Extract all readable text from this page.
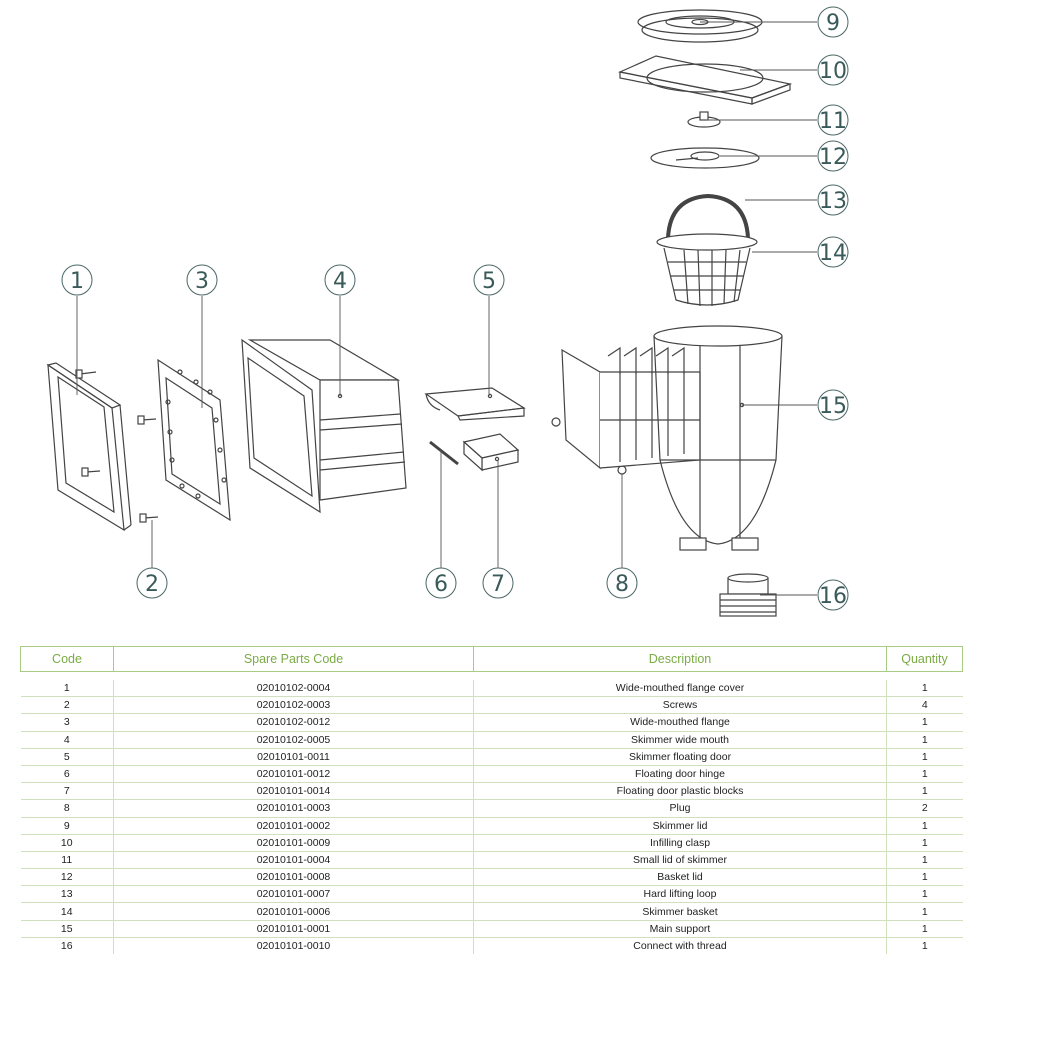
1
2
3	4	5
6 7	8
9
10
11
12
13
14
15
16
Code	Spare Parts Code	Description	Quantity

1	02010102-0004	Wide-mouthed flange cover	1
2	02010102-0003	Screws	4
3	02010102-0012	Wide-mouthed flange	1
4	02010102-0005	Skimmer wide mouth	1
5	02010101-0011	Skimmer floating door	1
6	02010101-0012	Floating door hinge	1
7	02010101-0014	Floating door plastic blocks	1
8	02010101-0003	Plug	2
9	02010101-0002	Skimmer lid	1
10	02010101-0009	Infilling clasp	1
11	02010101-0004	Small lid of skimmer	1
12	02010101-0008	Basket lid	1
13	02010101-0007	Hard lifting loop	1
14	02010101-0006	Skimmer basket	1
15	02010101-0001	Main support	1
16	02010101-0010	Connect with thread	1
